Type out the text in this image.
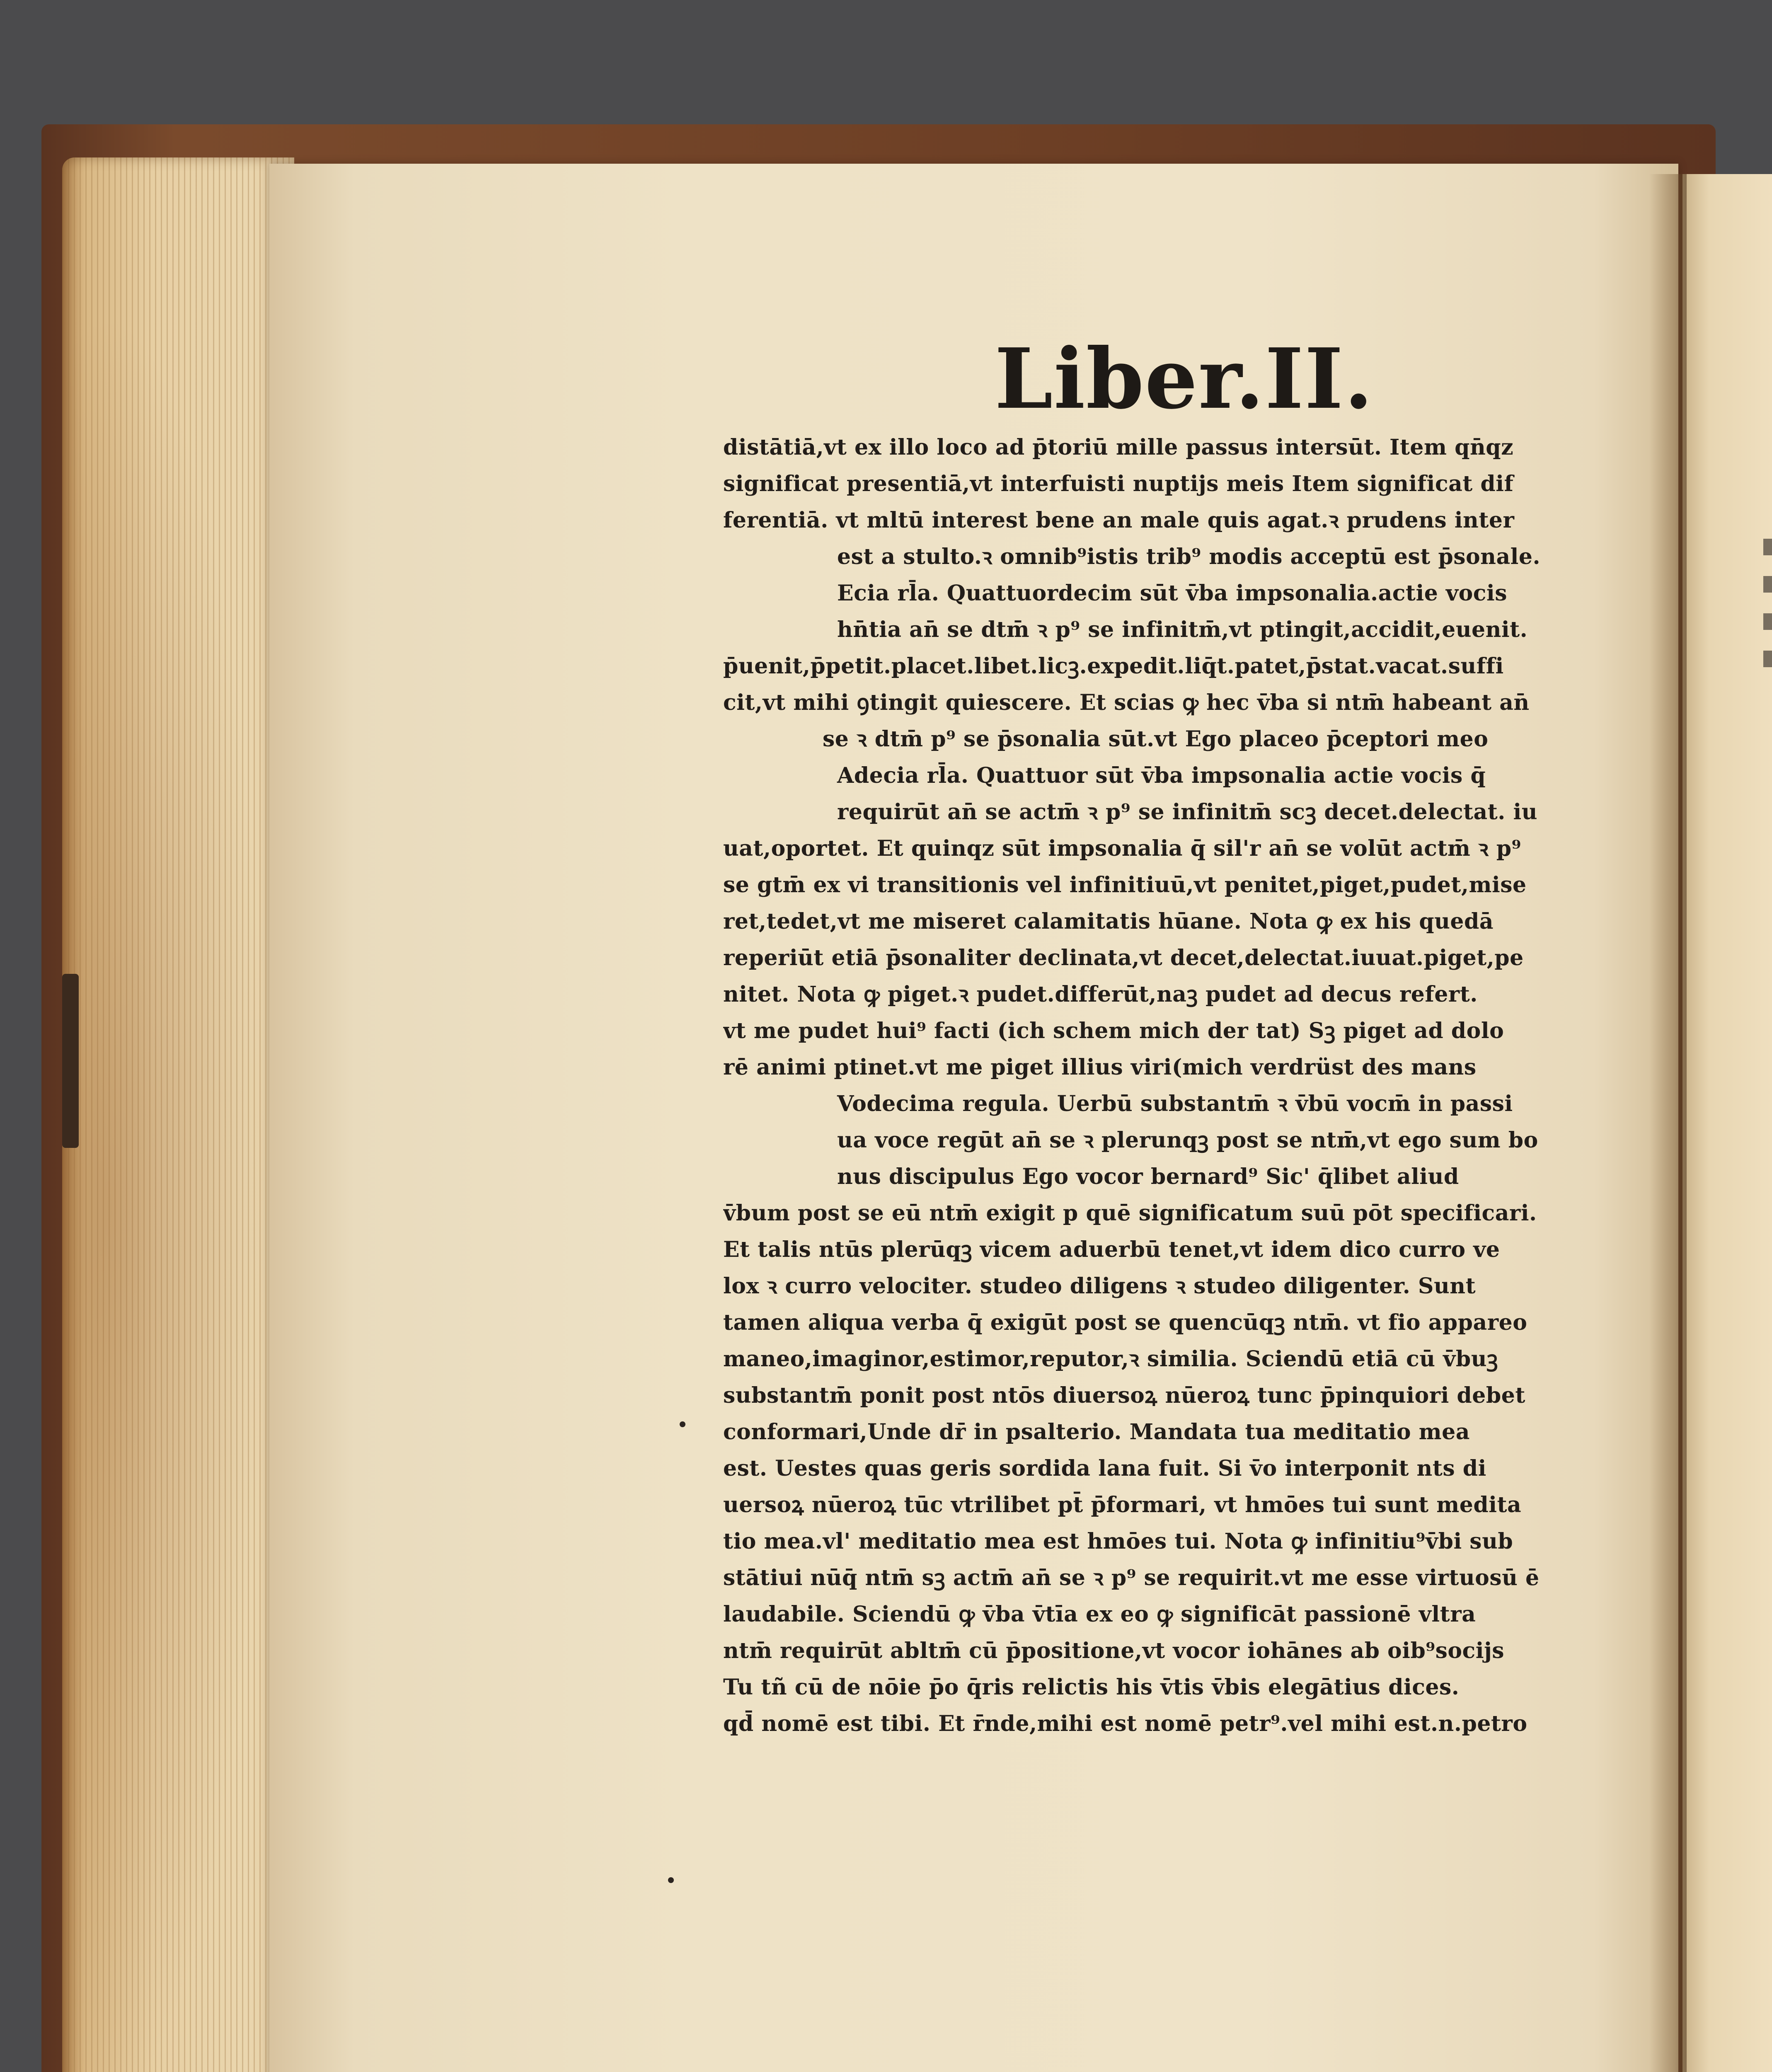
Liber.II.
distātiā,vt ex illo loco ad p̄toriū mille passus intersūt. Item qn̄qz
significat presentiā,vt interfuisti nuptijs meis Item significat dif
ferentiā. vt mltū interest bene an male quis agat.ꝛ prudens inter
est a stulto.ꝛ omnib⁹istis trib⁹ modis acceptū est p̄sonale.
Ecia rl̄a. Quattuordecim sūt v̄ba impsonalia.actie vocis
hn̄tia an̄ se dtm̄ ꝛ p⁹ se infinitm̄,vt ptingit,accidit,euenit.
p̄uenit,p̄petit.placet.libet.licꝫ.expedit.liq̄t.patet,p̄stat.vacat.suffi
cit,vt mihi ꝯtingit quiescere. Et scias ꝙ hec v̄ba si ntm̄ habeant an̄
se ꝛ dtm̄ p⁹ se p̄sonalia sūt.vt Ego placeo p̄ceptori meo
Adecia rl̄a. Quattuor sūt v̄ba impsonalia actie vocis q̄
requirūt an̄ se actm̄ ꝛ p⁹ se infinitm̄ scꝫ decet.delectat. iu
uat,oportet. Et quinqz sūt impsonalia q̄ sil'r an̄ se volūt actm̄ ꝛ p⁹
se gtm̄ ex vi transitionis vel infinitiuū,vt penitet,piget,pudet,mise
ret,tedet,vt me miseret calamitatis hūane. Nota ꝙ ex his quedā
reperiūt etiā p̄sonaliter declinata,vt decet,delectat.iuuat.piget,pe
nitet. Nota ꝙ piget.ꝛ pudet.differūt,naꝫ pudet ad decus refert.
vt me pudet hui⁹ facti (ich schem mich der tat) Sꝫ piget ad dolo
rē animi ptinet.vt me piget illius viri(mich verdrüst des mans
Vodecima regula. Uerbū substantm̄ ꝛ v̄bū vocm̄ in passi
ua voce regūt an̄ se ꝛ plerunqꝫ post se ntm̄,vt ego sum bo
nus discipulus Ego vocor bernard⁹ Sic' q̄libet aliud
v̄bum post se eū ntm̄ exigit p quē significatum suū pōt specificari.
Et talis ntūs plerūqꝫ vicem aduerbū tenet,vt idem dico curro ve
lox ꝛ curro velociter. studeo diligens ꝛ studeo diligenter. Sunt
tamen aliqua verba q̄ exigūt post se quencūqꝫ ntm̄. vt fio appareo
maneo,imaginor,estimor,reputor,ꝛ similia. Sciendū etiā cū v̄buꝫ
substantm̄ ponit post ntōs diuersoꝝ nūeroꝝ tunc p̄pinquiori debet
conformari,Unde dr̄ in psalterio. Mandata tua meditatio mea
est. Uestes quas geris sordida lana fuit. Si v̄o interponit nts di
uersoꝝ nūeroꝝ tūc vtrilibet pt̄ p̄formari, vt hmōes tui sunt medita
tio mea.vl' meditatio mea est hmōes tui. Nota ꝙ infinitiu⁹v̄bi sub
stātiui nūq̄ ntm̄ sꝫ actm̄ an̄ se ꝛ p⁹ se requirit.vt me esse virtuosū ē
laudabile. Sciendū ꝙ v̄ba v̄tīa ex eo ꝙ significāt passionē vltra
ntm̄ requirūt abltm̄ cū p̄positione,vt vocor iohānes ab oib⁹socijs
Tu tñ cū de nōie p̄o q̄ris relictis his v̄tis v̄bis elegātius dices.
qd̄ nomē est tibi. Et r̄nde,mihi est nomē petr⁹.vel mihi est.n.petro
